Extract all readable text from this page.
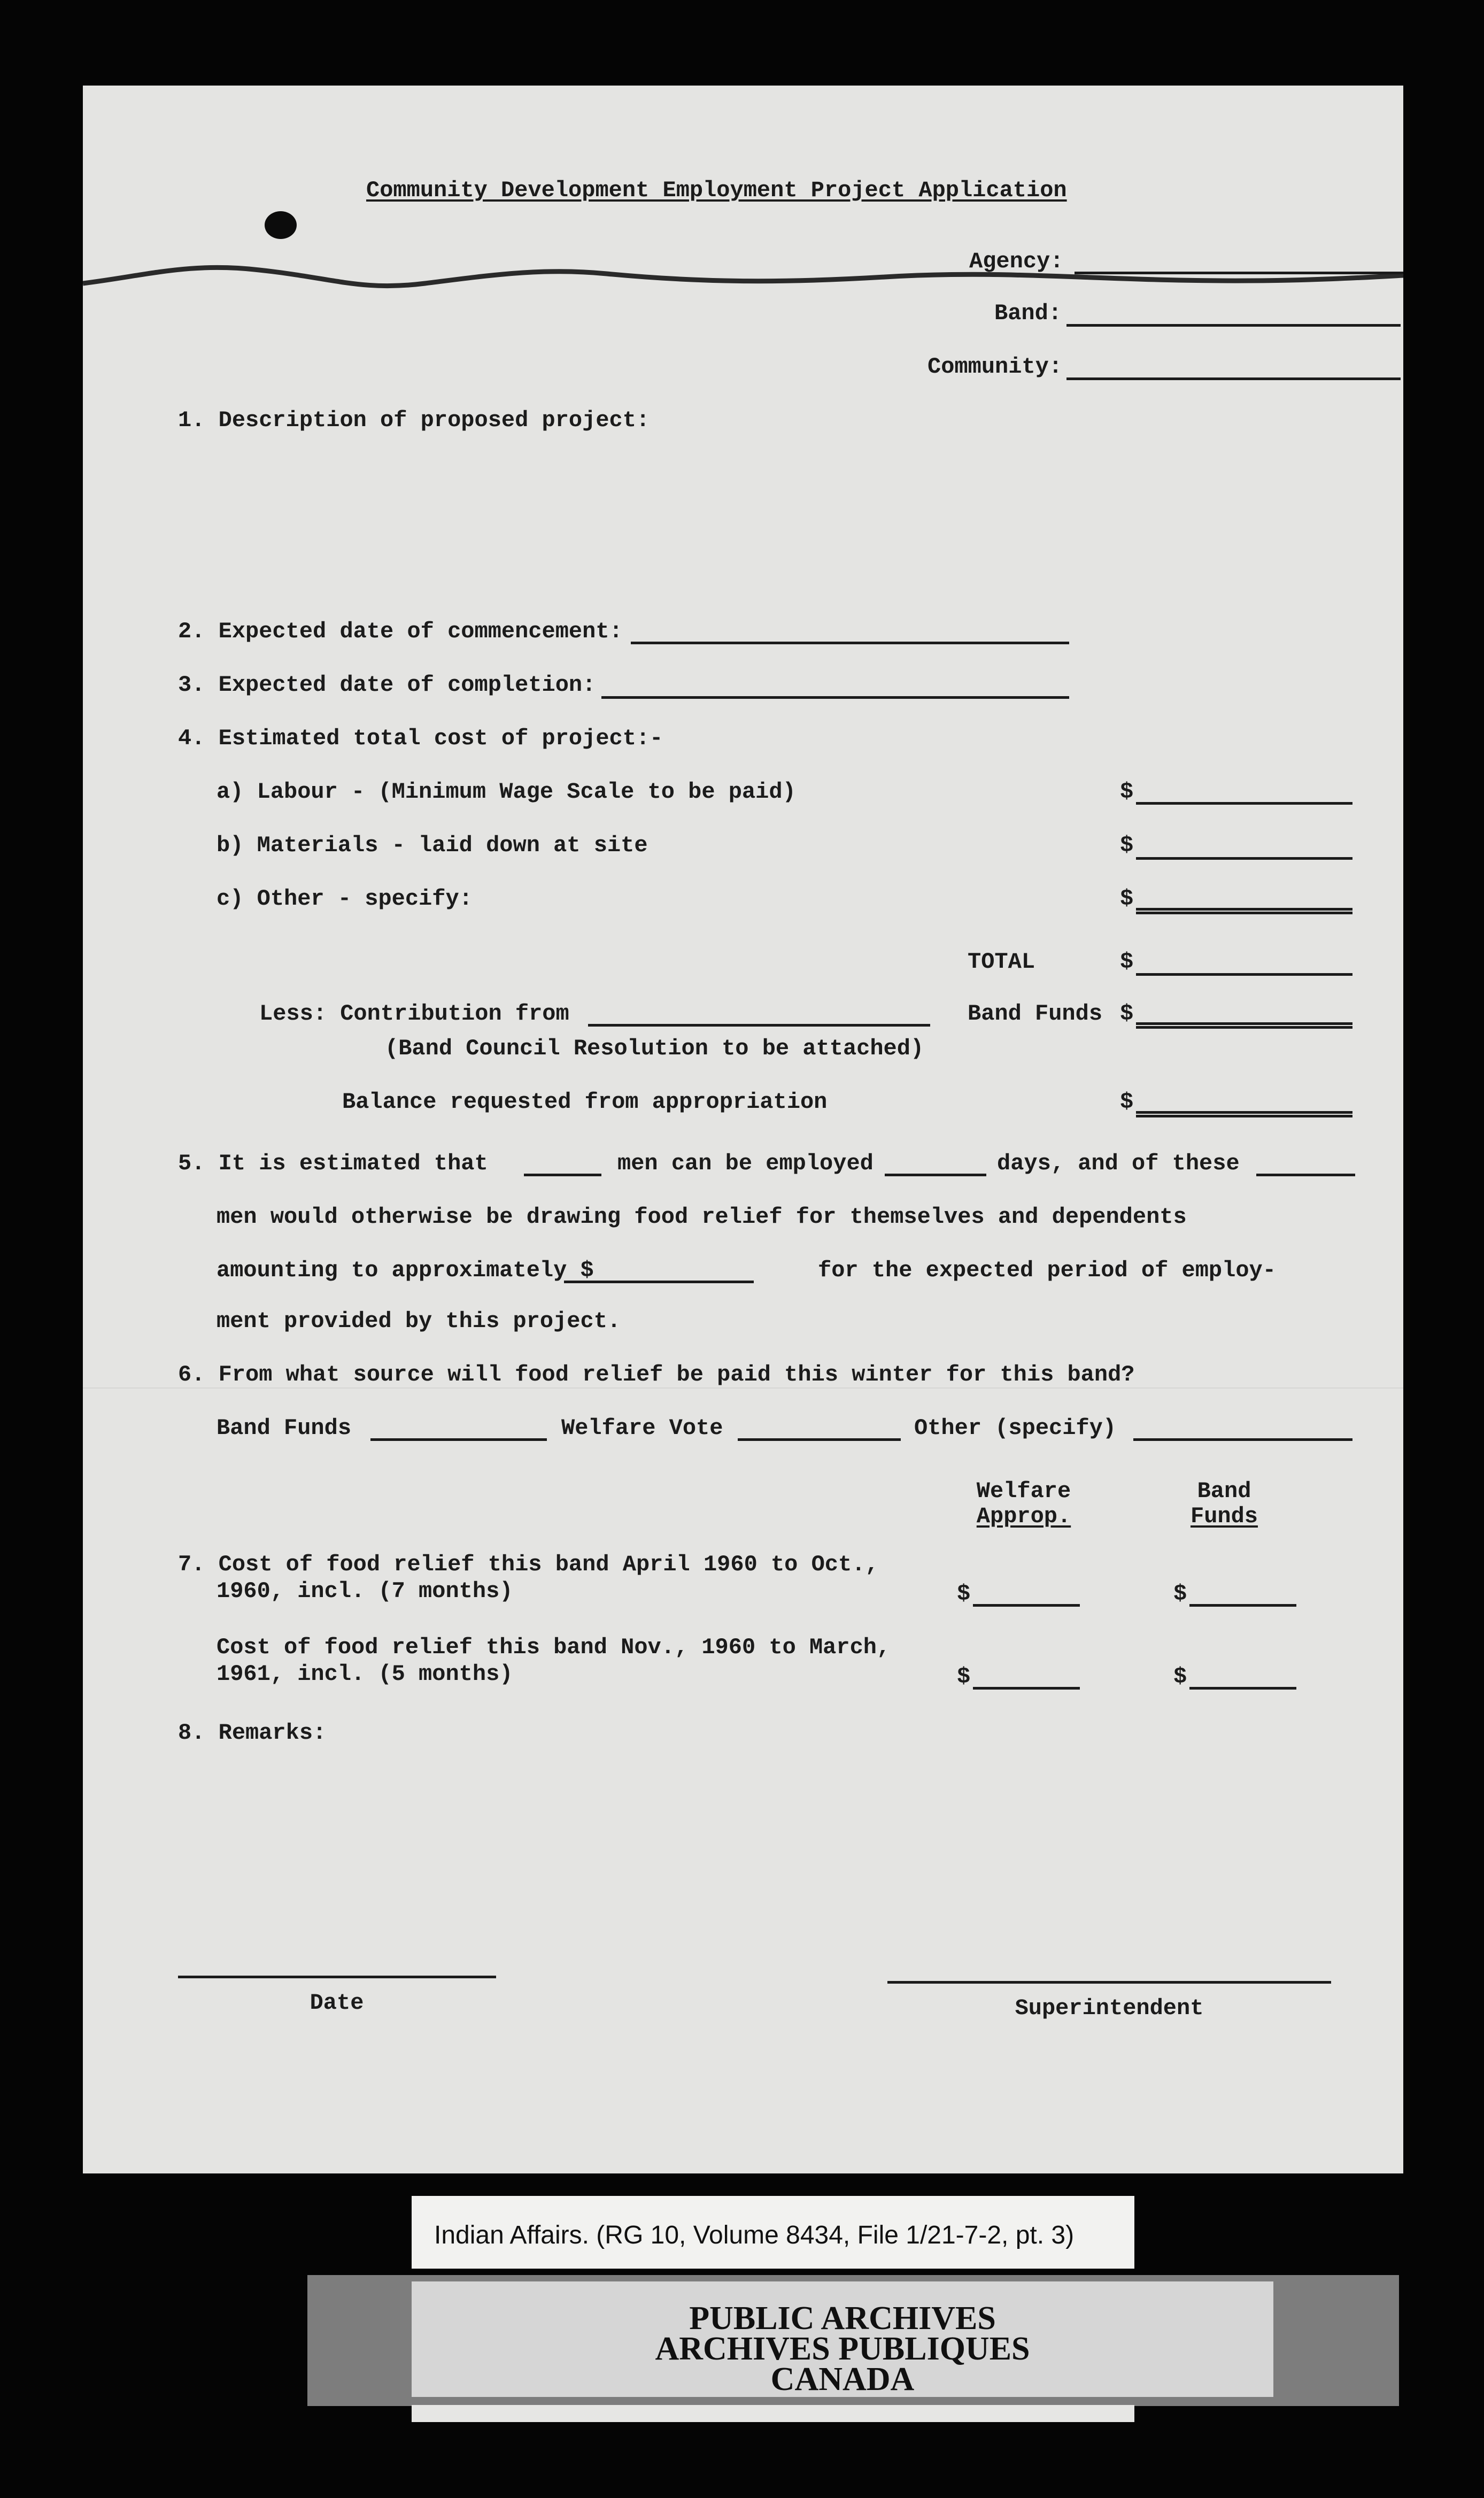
Community Development Employment Project Application
Agency:
Band:
Community:
1. Description of proposed project:
2. Expected date of commencement:
3. Expected date of completion:
4. Estimated total cost of project:-
a) Labour - (Minimum Wage Scale to be paid)	$
b) Materials - laid down at site	$
c) Other - specify:	$
TOTAL	$
Less: Contribution from	Band Funds $
(Band Council Resolution to be attached)
Balance requested from appropriation	$
5. It is estimated that	men can be employed	days, and of these
men would otherwise be drawing food relief for themselves and dependents
amounting to approximately $	for the expected period of employ-
ment provided by this project.
6. From what source will food relief be paid this winter for this band?
Band Funds	Welfare Vote	Other (specify)
Welfare
Approp.
Band
Funds
7. Cost of food relief this band April 1960 to Oct.,
1960, incl. (7 months)	$	$
Cost of food relief this band Nov., 1960 to March,
1961, incl. (5 months)	$	$
8. Remarks:
Date	Superintendent
Indian Affairs. (RG 10, Volume 8434, File 1/21-7-2, pt. 3)
PUBLIC ARCHIVES
ARCHIVES PUBLIQUES
CANADA
